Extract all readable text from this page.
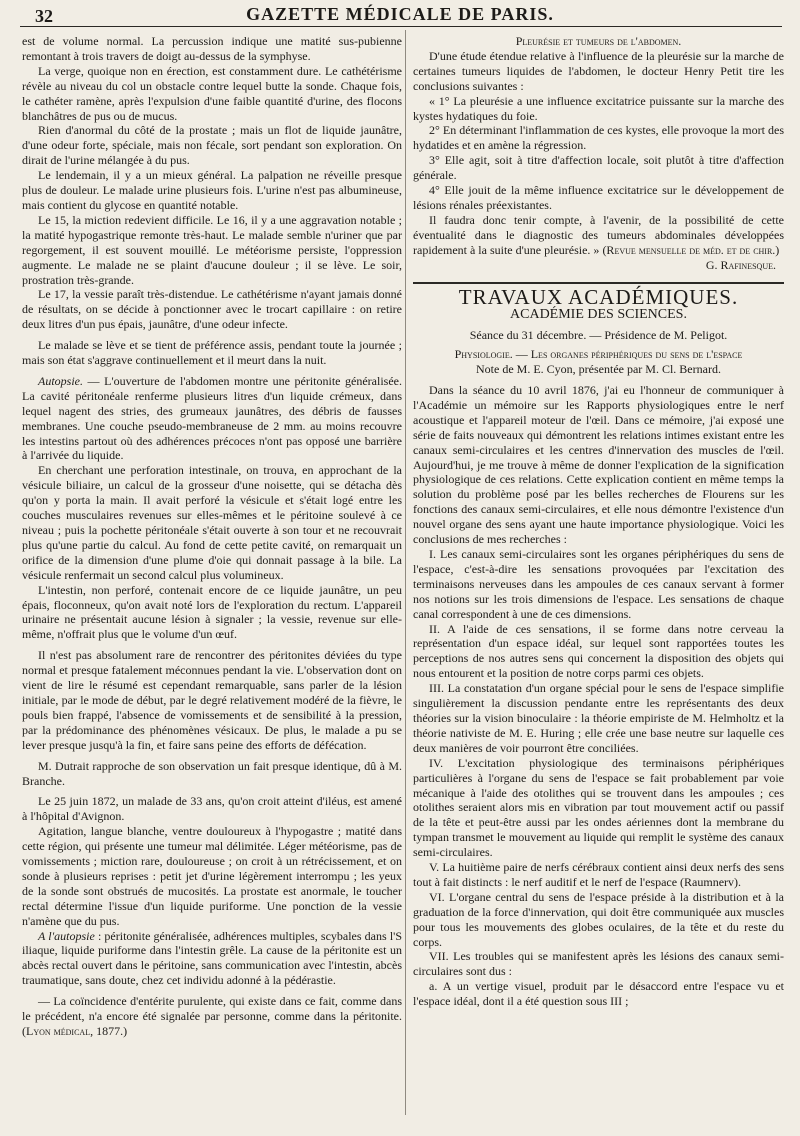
32	GAZETTE MÉDICALE DE PARIS.

est de volume normal. La percussion indique une matité sus-pubienne remontant à trois travers de doigt au-dessus de la symphyse.

La verge, quoique non en érection, est constamment dure. Le cathétérisme révèle au niveau du col un obstacle contre lequel butte la sonde. Chaque fois, le cathéter ramène, après l'expulsion d'une faible quantité d'urine, des flocons blanchâtres de pus ou de mucus.

Rien d'anormal du côté de la prostate ; mais un flot de liquide jaunâtre, d'une odeur forte, spéciale, mais non fécale, sort pendant son exploration. On dirait de l'urine mélangée à du pus.

Le lendemain, il y a un mieux général. La palpation ne réveille presque plus de douleur. Le malade urine plusieurs fois. L'urine n'est pas albumineuse, mais contient du glycose en quantité notable.

Le 15, la miction redevient difficile. Le 16, il y a une aggravation notable ; la matité hypogastrique remonte très-haut. Le malade semble n'uriner que par regorgement, il est souvent mouillé. Le météorisme persiste, l'oppression augmente. Le malade ne se plaint d'aucune douleur ; il se lève. Le soir, prostration très-grande.

Le 17, la vessie paraît très-distendue. Le cathétérisme n'ayant jamais donné de résultats, on se décide à ponctionner avec le trocart capillaire : on retire deux litres d'un pus épais, jaunâtre, d'une odeur infecte.

Le malade se lève et se tient de préférence assis, pendant toute la journée ; mais son état s'aggrave continuellement et il meurt dans la nuit.

Autopsie. — L'ouverture de l'abdomen montre une péritonite généralisée. La cavité péritonéale renferme plusieurs litres d'un liquide crémeux, dans lequel nagent des stries, des grumeaux jaunâtres, des débris de fausses membranes. Une couche pseudo-membraneuse de 2 mm. au moins recouvre les intestins partout où des adhérences précoces n'ont pas opposé une barrière à l'arrivée du liquide.

En cherchant une perforation intestinale, on trouva, en approchant de la vésicule biliaire, un calcul de la grosseur d'une noisette, qui se détacha dès qu'on y porta la main. Il avait perforé la vésicule et s'était logé entre les couches musculaires revenues sur elles-mêmes et le péritoine soulevé à ce niveau ; puis la pochette péritonéale s'était ouverte à son tour et ne recouvrait plus qu'une partie du calcul. Au fond de cette petite cavité, on remarquait un orifice de la dimension d'une plume d'oie qui donnait passage à la bile. La vésicule renfermait un second calcul plus volumineux.

L'intestin, non perforé, contenait encore de ce liquide jaunâtre, un peu épais, floconneux, qu'on avait noté lors de l'exploration du rectum. L'appareil urinaire ne présentait aucune lésion à signaler ; la vessie, revenue sur elle-même, n'offrait plus que le volume d'un œuf.

Il n'est pas absolument rare de rencontrer des péritonites déviées du type normal et presque fatalement méconnues pendant la vie. L'observation dont on vient de lire le résumé est cependant remarquable, sans parler de la lésion initiale, par le mode de début, par le degré relativement modéré de la fièvre, le pouls bien frappé, l'absence de vomissements et de sensibilité à la pression, par la prédominance des phénomènes vésicaux. De plus, le malade a pu se lever presque jusqu'à la fin, et faire sans peine des efforts de défécation.

M. Dutrait rapproche de son observation un fait presque identique, dû à M. Branche.

Le 25 juin 1872, un malade de 33 ans, qu'on croit atteint d'iléus, est amené à l'hôpital d'Avignon.

Agitation, langue blanche, ventre douloureux à l'hypogastre ; matité dans cette région, qui présente une tumeur mal délimitée. Léger météorisme, pas de vomissements ; miction rare, douloureuse ; on croit à un rétrécissement, et on sonde à plusieurs reprises : petit jet d'urine légèrement interrompu ; les yeux de la sonde sont obstrués de mucosités. La prostate est anormale, le toucher rectal détermine l'issue d'un liquide puriforme. Une ponction de la vessie n'amène que du pus.

A l'autopsie : péritonite généralisée, adhérences multiples, scybales dans l'S iliaque, liquide puriforme dans l'intestin grêle. La cause de la péritonite est un abcès rectal ouvert dans le péritoine, sans communication avec l'intestin, abcès traumatique, sans doute, chez cet individu adonné à la pédérastie.

— La coïncidence d'entérite purulente, qui existe dans ce fait, comme dans le précédent, n'a encore été signalée par personne, comme dans la péritonite. (Lyon médical, 1877.)

Pleurésie et tumeurs de l'abdomen.

D'une étude étendue relative à l'influence de la pleurésie sur la marche de certaines tumeurs liquides de l'abdomen, le docteur Henry Petit tire les conclusions suivantes :

« 1° La pleurésie a une influence excitatrice puissante sur la marche des kystes hydatiques du foie.

2° En déterminant l'inflammation de ces kystes, elle provoque la mort des hydatides et en amène la régression.

3° Elle agit, soit à titre d'affection locale, soit plutôt à titre d'affection générale.

4° Elle jouit de la même influence excitatrice sur le développement de lésions rénales préexistantes.

Il faudra donc tenir compte, à l'avenir, de la possibilité de cette éventualité dans le diagnostic des tumeurs abdominales développées rapidement à la suite d'une pleurésie. » (Revue mensuelle de méd. et de chir.)

G. Rafinesque.

TRAVAUX ACADÉMIQUES.
ACADÉMIE DES SCIENCES.
Séance du 31 décembre. — Présidence de M. Peligot.
Physiologie. — Les organes périphériques du sens de l'espace
Note de M. E. Cyon, présentée par M. Cl. Bernard.

Dans la séance du 10 avril 1876, j'ai eu l'honneur de communiquer à l'Académie un mémoire sur les Rapports physiologiques entre le nerf acoustique et l'appareil moteur de l'œil. Dans ce mémoire, j'ai exposé une série de faits nouveaux qui démontrent les relations intimes existant entre les canaux semi-circulaires et les centres d'innervation des muscles de l'œil. Aujourd'hui, je me trouve à même de donner l'explication de la signification physiologique de ces relations. Cette explication contient en même temps la solution du problème posé par les belles recherches de Flourens sur les fonctions des canaux semi-circulaires, et elle nous démontre l'existence d'un nouvel organe des sens ayant une haute importance physiologique. Voici les conclusions de mes recherches :

I. Les canaux semi-circulaires sont les organes périphériques du sens de l'espace, c'est-à-dire les sensations provoquées par l'excitation des terminaisons nerveuses dans les ampoules de ces canaux servant à former nos notions sur les trois dimensions de l'espace. Les sensations de chaque canal correspondent à une de ces dimensions.

II. A l'aide de ces sensations, il se forme dans notre cerveau la représentation d'un espace idéal, sur lequel sont rapportées toutes les perceptions de nos autres sens qui concernent la disposition des objets qui nous entourent et la position de notre corps parmi ces objets.

III. La constatation d'un organe spécial pour le sens de l'espace simplifie singulièrement la discussion pendante entre les représentants des deux théories sur la vision binoculaire : la théorie empiriste de M. Helmholtz et la théorie nativiste de M. E. Huring ; elle crée une base neutre sur laquelle ces deux manières de voir pourront être conciliées.

IV. L'excitation physiologique des terminaisons périphériques particulières à l'organe du sens de l'espace se fait probablement par voie mécanique à l'aide des otolithes qui se trouvent dans les ampoules ; ces otolithes seraient alors mis en vibration par tout mouvement actif ou passif de la tête et peut-être aussi par les ondes aériennes dont la membrane du tympan transmet le mouvement au liquide qui remplit le système des canaux semi-circulaires.

V. La huitième paire de nerfs cérébraux contient ainsi deux nerfs des sens tout à fait distincts : le nerf auditif et le nerf de l'espace (Raumnerv).

VI. L'organe central du sens de l'espace préside à la distribution et à la graduation de la force d'innervation, qui doit être communiquée aux muscles pour tous les mouvements des globes oculaires, de la tête et du reste du corps.

VII. Les troubles qui se manifestent après les lésions des canaux semi-circulaires sont dus :

a. A un vertige visuel, produit par le désaccord entre l'espace vu et l'espace idéal, dont il a été question sous III ;
